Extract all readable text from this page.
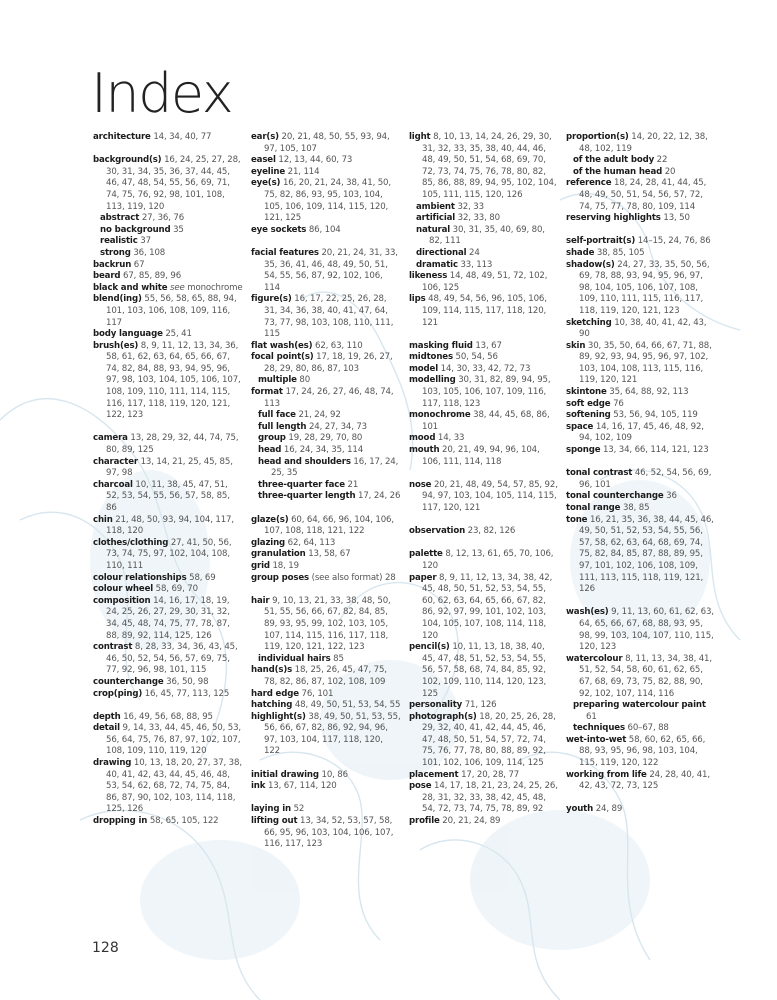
Index
architecture 14, 34, 40, 77
background(s) 16, 24, 25, 27, 28, 30, 31, 34, 35, 36, 37, 44, 45, 46, 47, 48, 54, 55, 56, 69, 71, 74, 75, 76, 92, 98, 101, 108, 113, 119, 120
abstract 27, 36, 76
no background 35
realistic 37
strong 36, 108
backrun 67
beard 67, 85, 89, 96
black and white see monochrome
blend(ing) 55, 56, 58, 65, 88, 94, 101, 103, 106, 108, 109, 116, 117
body language 25, 41
brush(es) 8, 9, 11, 12, 13, 34, 36, 58, 61, 62, 63, 64, 65, 66, 67, 74, 82, 84, 88, 93, 94, 95, 96, 97, 98, 103, 104, 105, 106, 107, 108, 109, 110, 111, 114, 115, 116, 117, 118, 119, 120, 121, 122, 123
camera 13, 28, 29, 32, 44, 74, 75, 80, 89, 125
character 13, 14, 21, 25, 45, 85, 97, 98
charcoal 10, 11, 38, 45, 47, 51, 52, 53, 54, 55, 56, 57, 58, 85, 86
chin 21, 48, 50, 93, 94, 104, 117, 118, 120
clothes/clothing 27, 41, 50, 56, 73, 74, 75, 97, 102, 104, 108, 110, 111
colour relationships 58, 69
colour wheel 58, 69, 70
composition 14, 16, 17, 18, 19, 24, 25, 26, 27, 29, 30, 31, 32, 34, 45, 48, 74, 75, 77, 78, 87, 88, 89, 92, 114, 125, 126
contrast 8, 28, 33, 34, 36, 43, 45, 46, 50, 52, 54, 56, 57, 69, 75, 77, 92, 96, 98, 101, 115
counterchange 36, 50, 98
crop(ping) 16, 45, 77, 113, 125
depth 16, 49, 56, 68, 88, 95
detail 9, 14, 33, 44, 45, 46, 50, 53, 56, 64, 75, 76, 87, 97, 102, 107, 108, 109, 110, 119, 120
drawing 10, 13, 18, 20, 27, 37, 38, 40, 41, 42, 43, 44, 45, 46, 48, 53, 54, 62, 68, 72, 74, 75, 84, 86, 87, 90, 102, 103, 114, 118, 125, 126
dropping in 58, 65, 105, 122
ear(s) 20, 21, 48, 50, 55, 93, 94, 97, 105, 107
easel 12, 13, 44, 60, 73
eyeline 21, 114
eye(s) 16, 20, 21, 24, 38, 41, 50, 75, 82, 86, 93, 95, 103, 104, 105, 106, 109, 114, 115, 120, 121, 125
eye sockets 86, 104
facial features 20, 21, 24, 31, 33, 35, 36, 41, 46, 48, 49, 50, 51, 54, 55, 56, 87, 92, 102, 106, 114
figure(s) 16, 17, 22, 25, 26, 28, 31, 34, 36, 38, 40, 41, 47, 64, 73, 77, 98, 103, 108, 110, 111, 115
flat wash(es) 62, 63, 110
focal point(s) 17, 18, 19, 26, 27, 28, 29, 80, 86, 87, 103
multiple 80
format 17, 24, 26, 27, 46, 48, 74, 113
full face 21, 24, 92
full length 24, 27, 34, 73
group 19, 28, 29, 70, 80
head 16, 24, 34, 35, 114
head and shoulders 16, 17, 24, 25, 35
three-quarter face 21
three-quarter length 17, 24, 26
glaze(s) 60, 64, 66, 96, 104, 106, 107, 108, 118, 121, 122
glazing 62, 64, 113
granulation 13, 58, 67
grid 18, 19
group poses (see also format) 28
hair 9, 10, 13, 21, 33, 38, 48, 50, 51, 55, 56, 66, 67, 82, 84, 85, 89, 93, 95, 99, 102, 103, 105, 107, 114, 115, 116, 117, 118, 119, 120, 121, 122, 123
individual hairs 85
hand(s)s 18, 25, 26, 45, 47, 75, 78, 82, 86, 87, 102, 108, 109
hard edge 76, 101
hatching 48, 49, 50, 51, 53, 54, 55
highlight(s) 38, 49, 50, 51, 53, 55, 56, 66, 67, 82, 86, 92, 94, 96, 97, 103, 104, 117, 118, 120, 122
initial drawing 10, 86
ink 13, 67, 114, 120
laying in 52
lifting out 13, 34, 52, 53, 57, 58, 66, 95, 96, 103, 104, 106, 107, 116, 117, 123
light 8, 10, 13, 14, 24, 26, 29, 30, 31, 32, 33, 35, 38, 40, 44, 46, 48, 49, 50, 51, 54, 68, 69, 70, 72, 73, 74, 75, 76, 78, 80, 82, 85, 86, 88, 89, 94, 95, 102, 104, 105, 111, 115, 120, 126
ambient 32, 33
artificial 32, 33, 80
natural 30, 31, 35, 40, 69, 80, 82, 111
directional 24
dramatic 33, 113
likeness 14, 48, 49, 51, 72, 102, 106, 125
lips 48, 49, 54, 56, 96, 105, 106, 109, 114, 115, 117, 118, 120, 121
masking fluid 13, 67
midtones 50, 54, 56
model 14, 30, 33, 42, 72, 73
modelling 30, 31, 82, 89, 94, 95, 103, 105, 106, 107, 109, 116, 117, 118, 123
monochrome 38, 44, 45, 68, 86, 101
mood 14, 33
mouth 20, 21, 49, 94, 96, 104, 106, 111, 114, 118
nose 20, 21, 48, 49, 54, 57, 85, 92, 94, 97, 103, 104, 105, 114, 115, 117, 120, 121
observation 23, 82, 126
palette 8, 12, 13, 61, 65, 70, 106, 120
paper 8, 9, 11, 12, 13, 34, 38, 42, 45, 48, 50, 51, 52, 53, 54, 55, 60, 62, 63, 64, 65, 66, 67, 82, 86, 92, 97, 99, 101, 102, 103, 104, 105, 107, 108, 114, 118, 120
pencil(s) 10, 11, 13, 18, 38, 40, 45, 47, 48, 51, 52, 53, 54, 55, 56, 57, 58, 68, 74, 84, 85, 92, 102, 109, 110, 114, 120, 123, 125
personality 71, 126
photograph(s) 18, 20, 25, 26, 28, 29, 32, 40, 41, 42, 44, 45, 46, 47, 48, 50, 51, 54, 57, 72, 74, 75, 76, 77, 78, 80, 88, 89, 92, 101, 102, 106, 109, 114, 125
placement 17, 20, 28, 77
pose 14, 17, 18, 21, 23, 24, 25, 26, 28, 31, 32, 33, 38, 42, 45, 48, 54, 72, 73, 74, 75, 78, 89, 92
profile 20, 21, 24, 89
proportion(s) 14, 20, 22, 12, 38, 48, 102, 119
of the adult body 22
of the human head 20
reference 18, 24, 28, 41, 44, 45, 48, 49, 50, 51, 54, 56, 57, 72, 74, 75, 77, 78, 80, 109, 114
reserving highlights 13, 50
self-portrait(s) 14–15, 24, 76, 86
shade 38, 85, 105
shadow(s) 24, 27, 33, 35, 50, 56, 69, 78, 88, 93, 94, 95, 96, 97, 98, 104, 105, 106, 107, 108, 109, 110, 111, 115, 116, 117, 118, 119, 120, 121, 123
sketching 10, 38, 40, 41, 42, 43, 90
skin 30, 35, 50, 64, 66, 67, 71, 88, 89, 92, 93, 94, 95, 96, 97, 102, 103, 104, 108, 113, 115, 116, 119, 120, 121
skintone 35, 64, 88, 92, 113
soft edge 76
softening 53, 56, 94, 105, 119
space 14, 16, 17, 45, 46, 48, 92, 94, 102, 109
sponge 13, 34, 66, 114, 121, 123
tonal contrast 46, 52, 54, 56, 69, 96, 101
tonal counterchange 36
tonal range 38, 85
tone 16, 21, 35, 36, 38, 44, 45, 46, 49, 50, 51, 52, 53, 54, 55, 56, 57, 58, 62, 63, 64, 68, 69, 74, 75, 82, 84, 85, 87, 88, 89, 95, 97, 101, 102, 106, 108, 109, 111, 113, 115, 118, 119, 121, 126
wash(es) 9, 11, 13, 60, 61, 62, 63, 64, 65, 66, 67, 68, 88, 93, 95, 98, 99, 103, 104, 107, 110, 115, 120, 123
watercolour 8, 11, 13, 34, 38, 41, 51, 52, 54, 58, 60, 61, 62, 65, 67, 68, 69, 73, 75, 82, 88, 90, 92, 102, 107, 114, 116
preparing watercolour paint 61
techniques 60–67, 88
wet-into-wet 58, 60, 62, 65, 66, 88, 93, 95, 96, 98, 103, 104, 115, 119, 120, 122
working from life 24, 28, 40, 41, 42, 43, 72, 73, 125
youth 24, 89
128
